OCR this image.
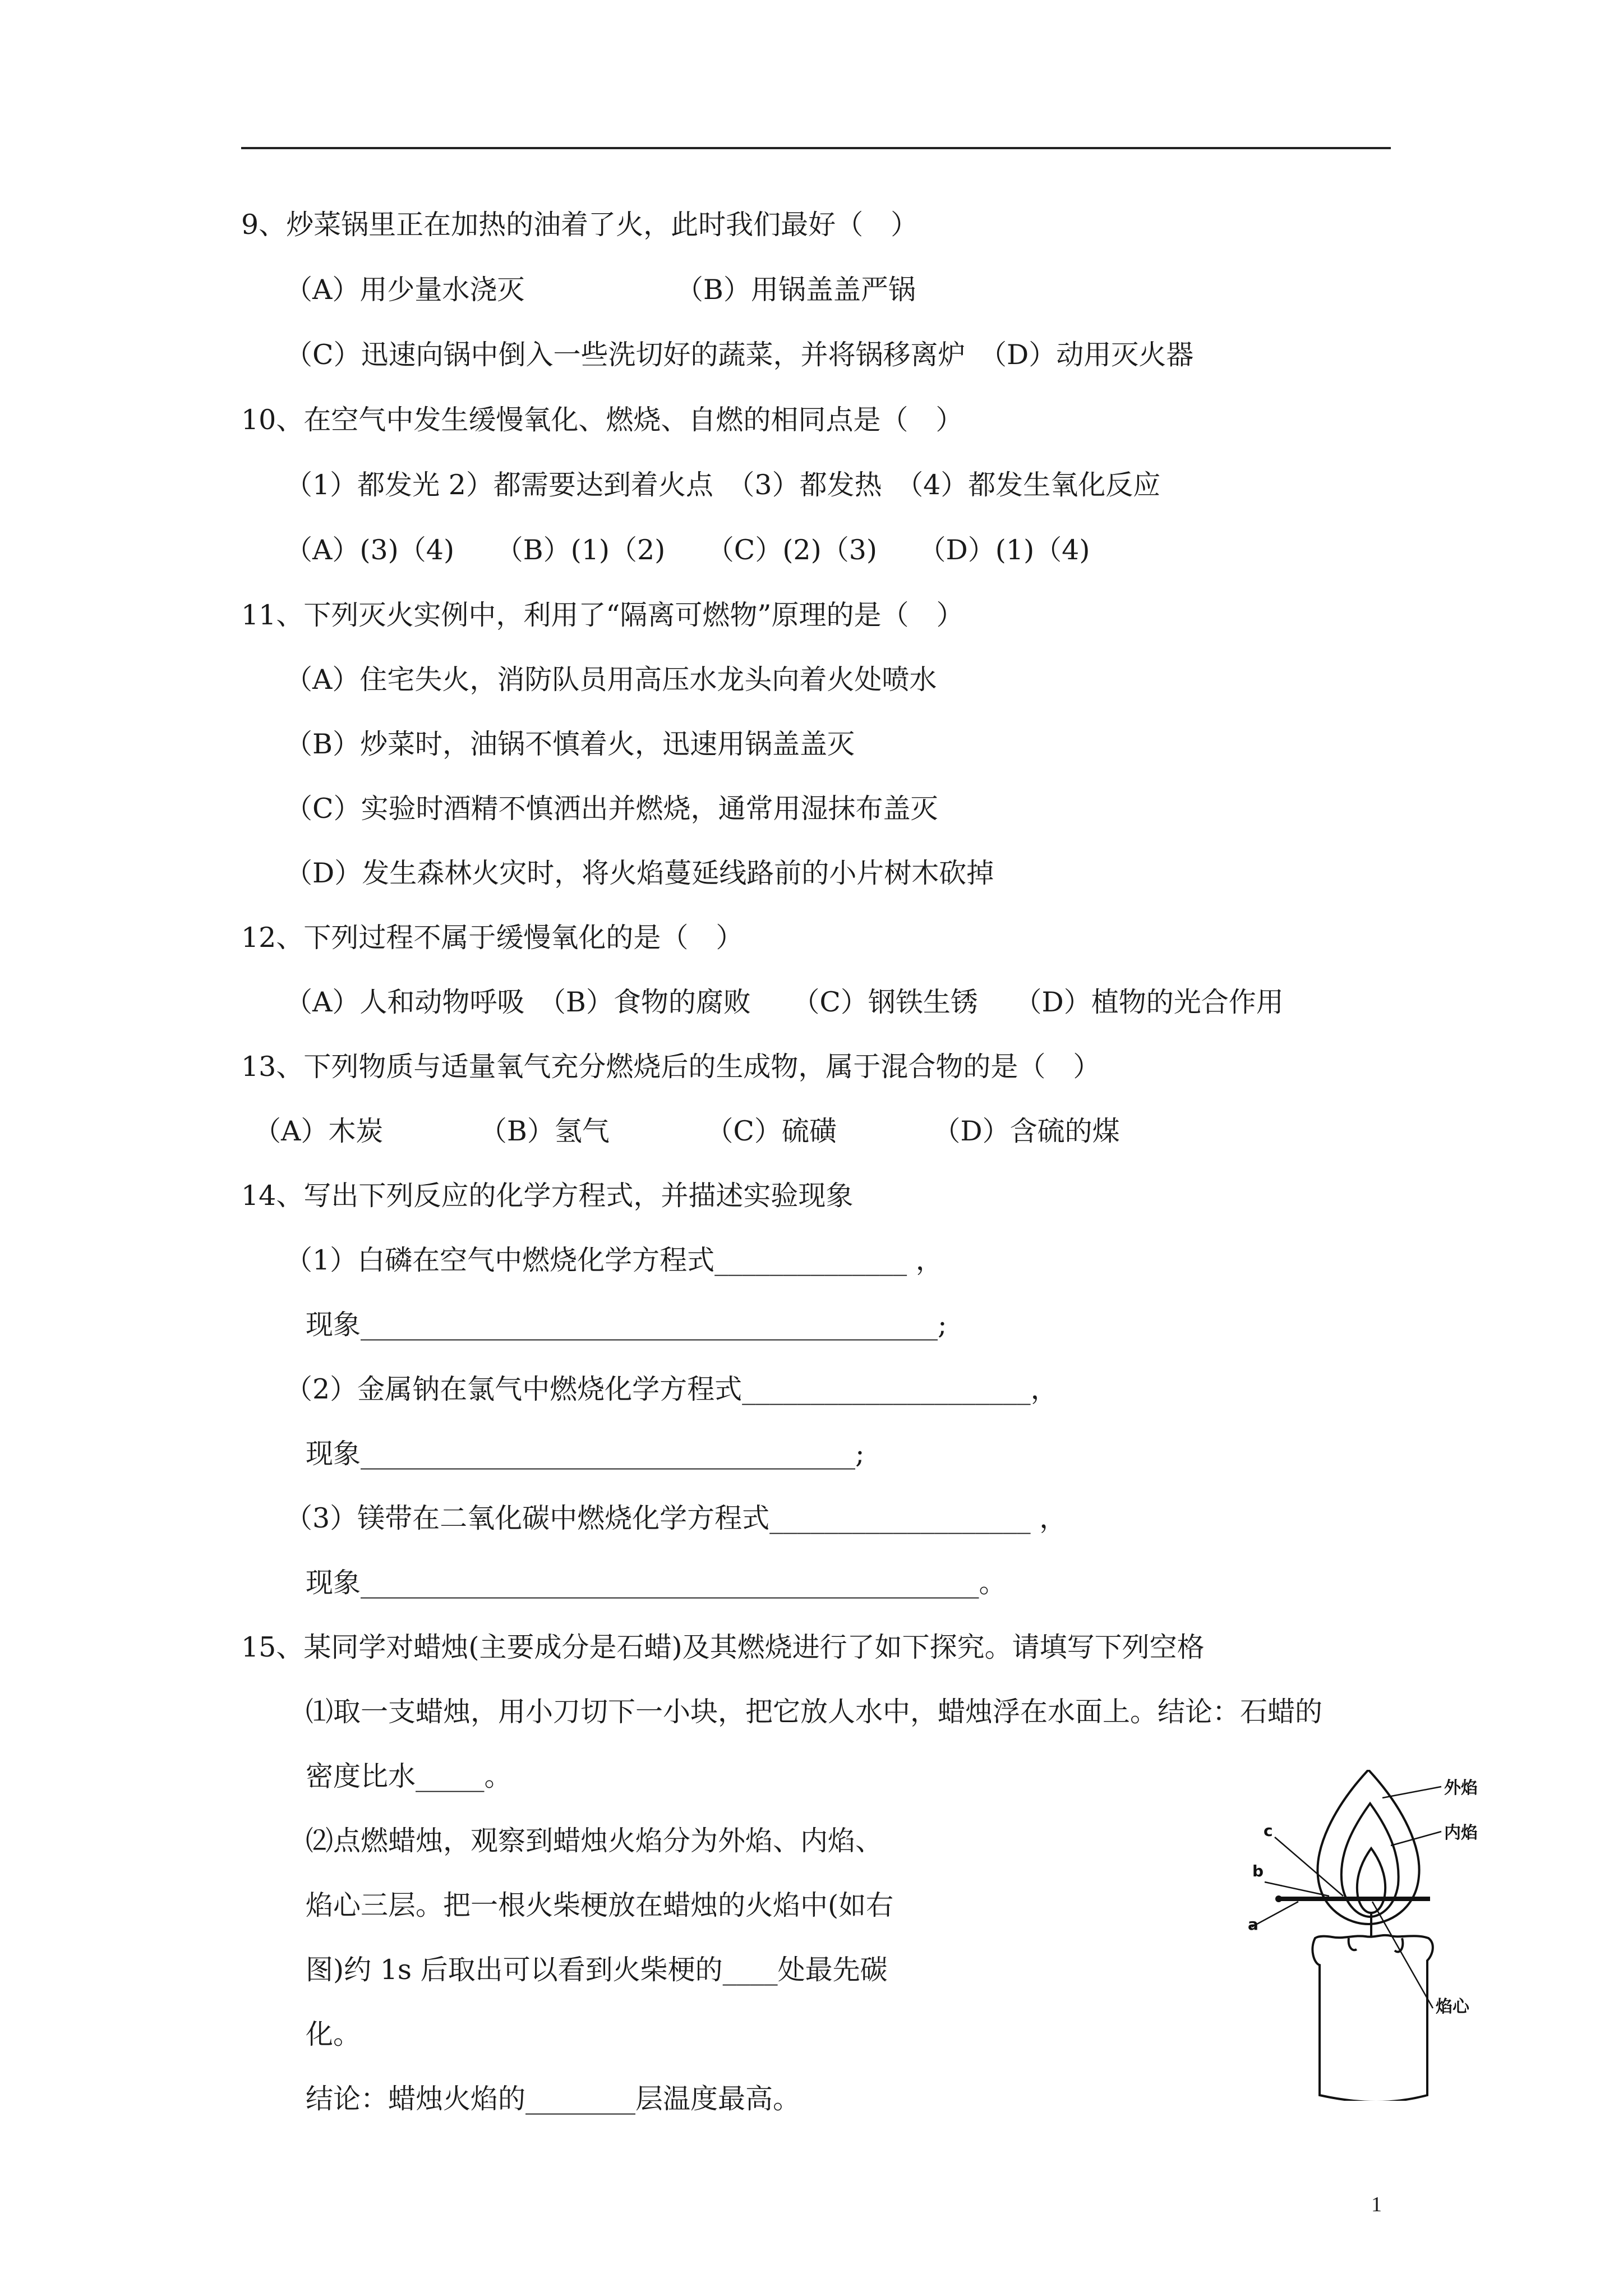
9、炒菜锅里正在加热的油着了火，此时我们最好（　）
（A）用少量水浇灭　　　　　　（B）用锅盖盖严锅
（C）迅速向锅中倒入一些洗切好的蔬菜，并将锅移离炉　（D）动用灭火器
10、在空气中发生缓慢氧化、燃烧、自燃的相同点是（　）
（1）都发光 2）都需要达到着火点　（3）都发热　（4）都发生氧化反应
（A）(3)（4)　　（B）(1)（2)　　（C）(2)（3)　　（D）(1)（4)
11、下列灭火实例中，利用了“隔离可燃物”原理的是（　）
（A）住宅失火，消防队员用高压水龙头向着火处喷水
（B）炒菜时，油锅不慎着火，迅速用锅盖盖灭
（C）实验时酒精不慎洒出并燃烧，通常用湿抹布盖灭
（D）发生森林火灾时，将火焰蔓延线路前的小片树木砍掉
12、下列过程不属于缓慢氧化的是（　）
（A）人和动物呼吸　（B）食物的腐败　　（C）钢铁生锈　 （D）植物的光合作用
13、下列物质与适量氧气充分燃烧后的生成物，属于混合物的是（　）
（A）木炭　　　　（B）氢气　　　　（C）硫磺　　　　（D）含硫的煤
14、写出下列反应的化学方程式，并描述实验现象
（1）白磷在空气中燃烧化学方程式______________ ，
现象__________________________________________;
（2）金属钠在氯气中燃烧化学方程式_____________________，
现象____________________________________;
（3）镁带在二氧化碳中燃烧化学方程式___________________ ，
现象_____________________________________________。
15、某同学对蜡烛(主要成分是石蜡)及其燃烧进行了如下探究。请填写下列空格
⑴取一支蜡烛，用小刀切下一小块，把它放人水中，蜡烛浮在水面上。结论：石蜡的
密度比水_____。
⑵点燃蜡烛，观察到蜡烛火焰分为外焰、内焰、
焰心三层。把一根火柴梗放在蜡烛的火焰中(如右
图)约 1s 后取出可以看到火柴梗的____处最先碳
化。
结论：蜡烛火焰的________层温度最高。
外焰
内焰
焰心
c
b
a
1
